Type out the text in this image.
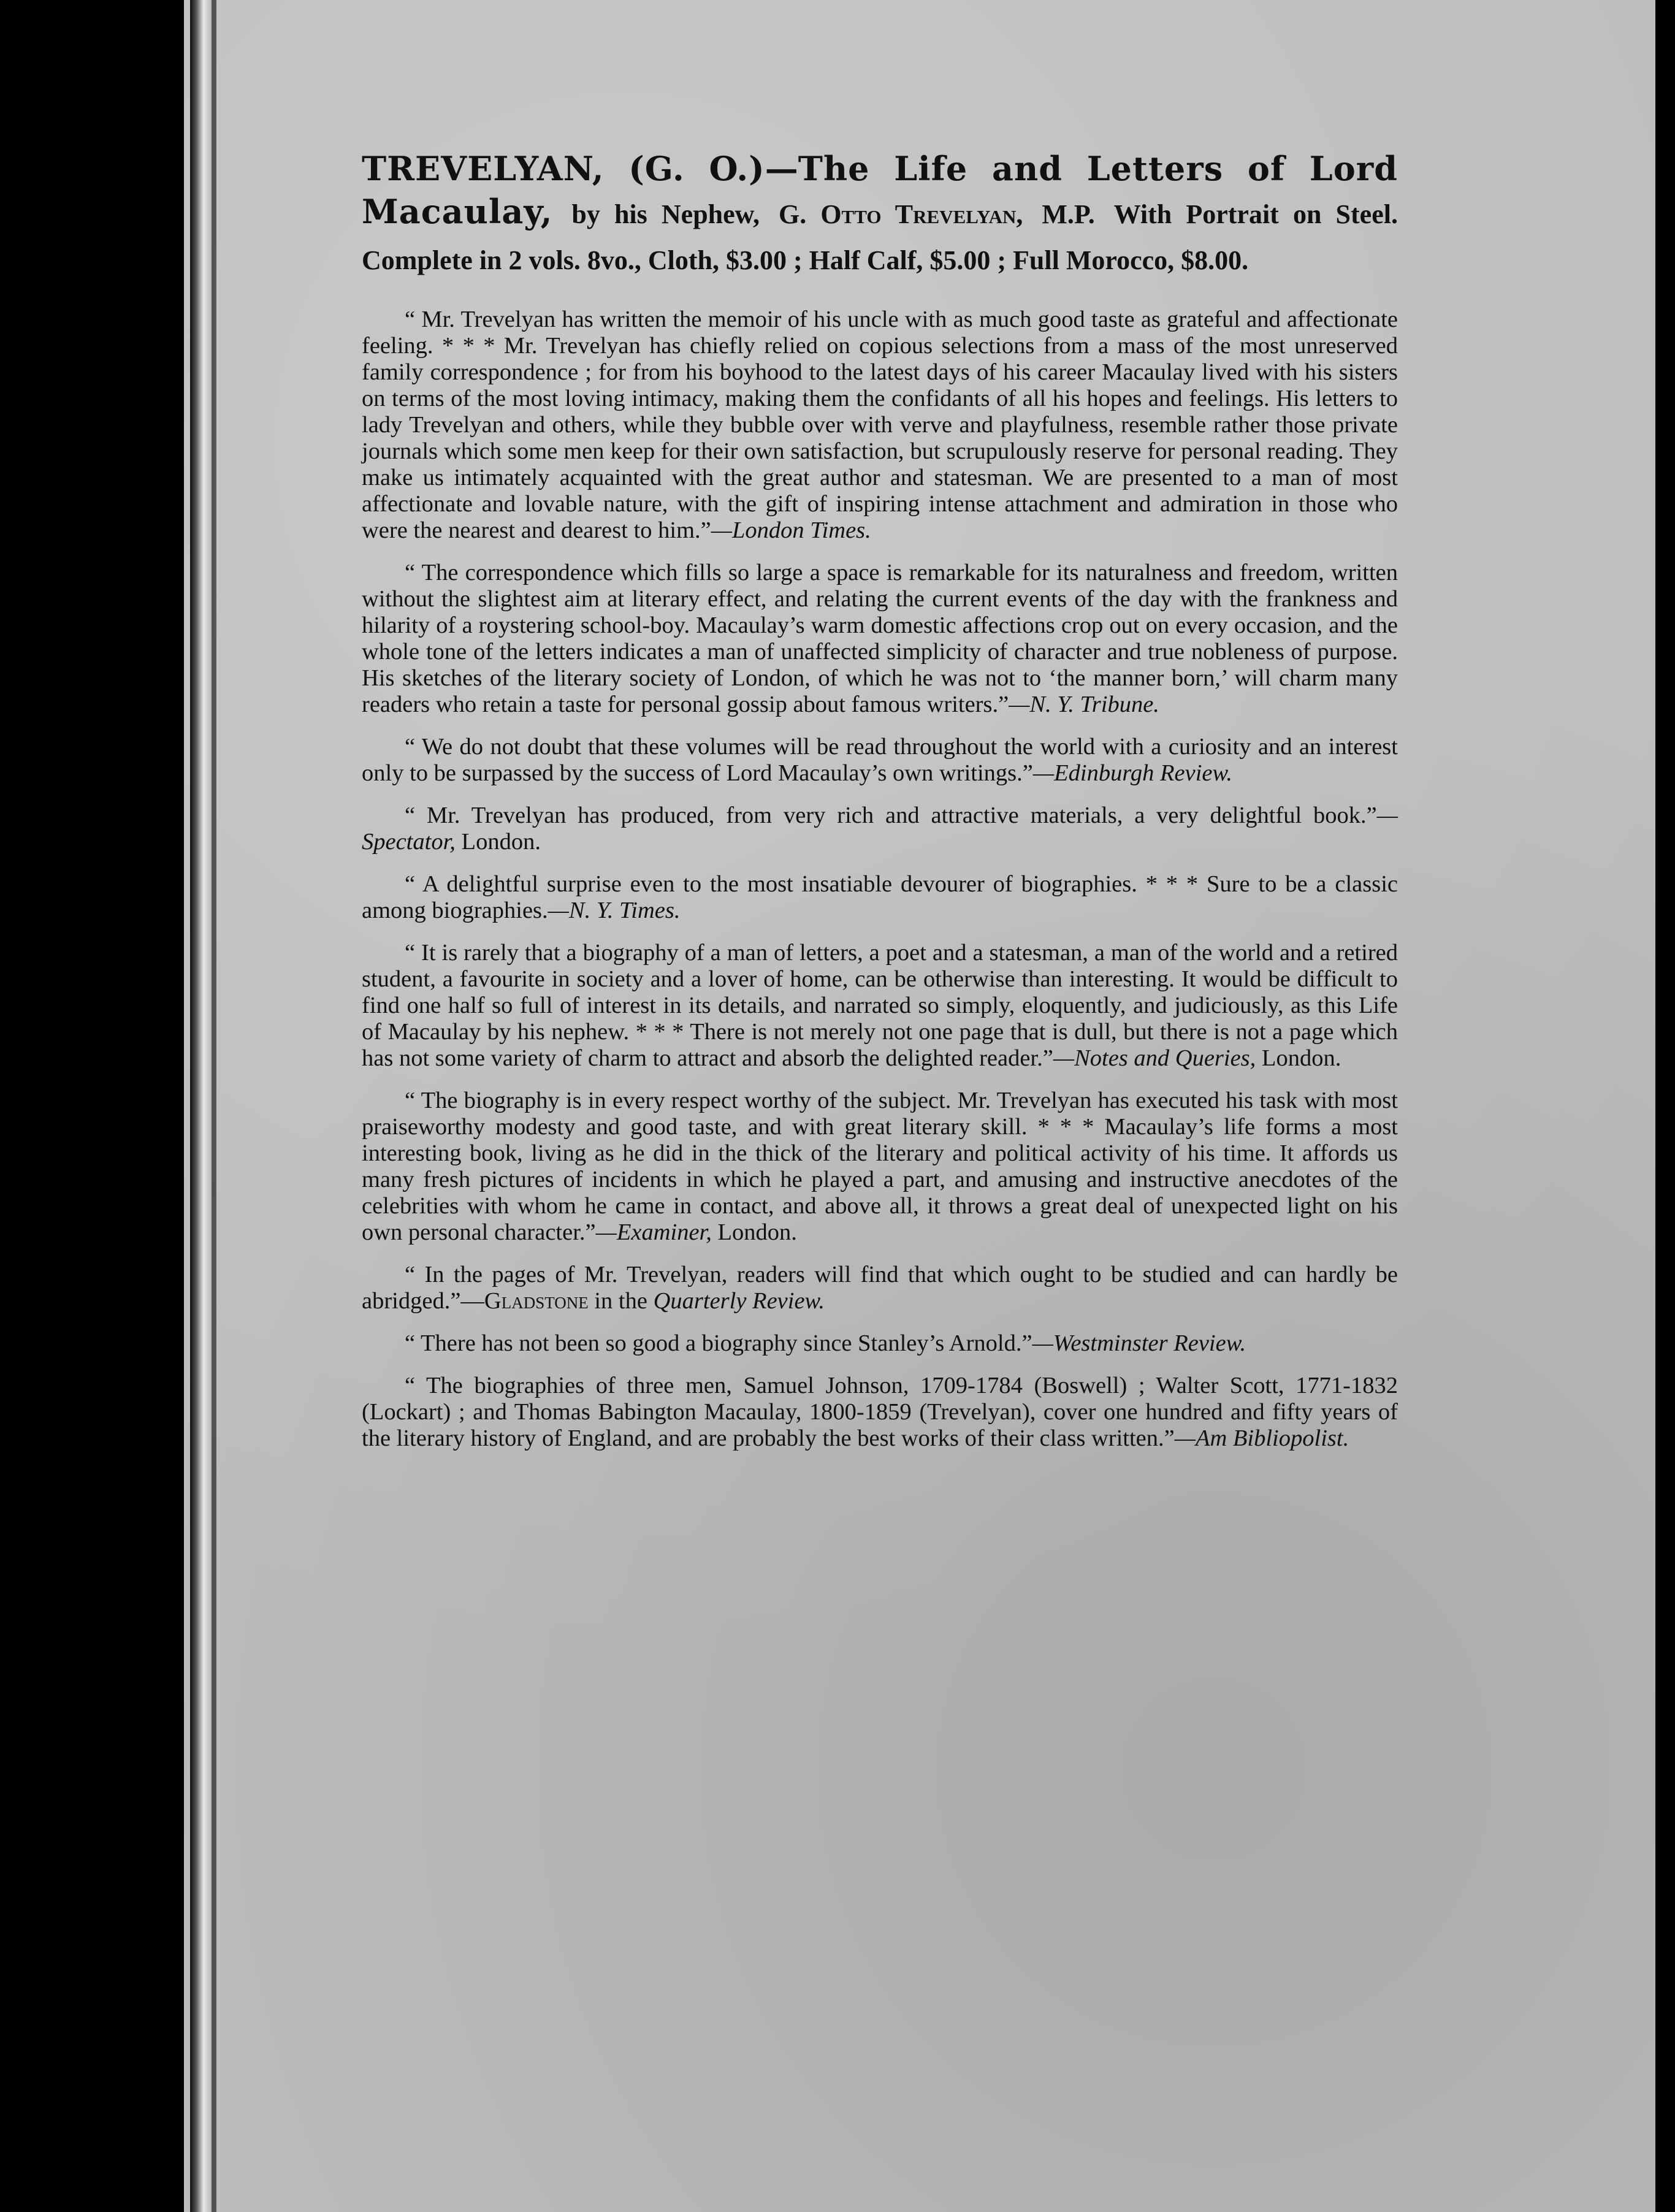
TREVELYAN, (G. O.)—The Life and Letters of Lord Macaulay, by his Nephew, G. Otto Trevelyan, M.P. With Portrait on Steel. Complete in 2 vols. 8vo., Cloth, $3.00 ; Half Calf, $5.00 ; Full Morocco, $8.00.

“ Mr. Trevelyan has written the memoir of his uncle with as much good taste as grateful and affectionate feeling. * * * Mr. Trevelyan has chiefly relied on copious selections from a mass of the most unreserved family correspondence ; for from his boyhood to the latest days of his career Macaulay lived with his sisters on terms of the most loving intimacy, making them the confidants of all his hopes and feelings. His letters to lady Trevelyan and others, while they bubble over with verve and playfulness, resemble rather those private journals which some men keep for their own satisfaction, but scrupulously reserve for personal reading. They make us intimately acquainted with the great author and statesman. We are presented to a man of most affectionate and lovable nature, with the gift of inspiring intense attachment and admiration in those who were the nearest and dearest to him.”—London Times.

“ The correspondence which fills so large a space is remarkable for its naturalness and freedom, written without the slightest aim at literary effect, and relating the current events of the day with the frankness and hilarity of a roystering school-boy. Macaulay’s warm domestic affections crop out on every occasion, and the whole tone of the letters indicates a man of unaffected simplicity of character and true nobleness of purpose. His sketches of the literary society of London, of which he was not to ‘the manner born,’ will charm many readers who retain a taste for personal gossip about famous writers.”—N. Y. Tribune.

“ We do not doubt that these volumes will be read throughout the world with a curiosity and an interest only to be surpassed by the success of Lord Macaulay’s own writings.”—Edinburgh Review.

“ Mr. Trevelyan has produced, from very rich and attractive materials, a very delightful book.”—Spectator, London.

“ A delightful surprise even to the most insatiable devourer of biographies. * * * Sure to be a classic among biographies.—N. Y. Times.

“ It is rarely that a biography of a man of letters, a poet and a statesman, a man of the world and a retired student, a favourite in society and a lover of home, can be otherwise than interesting. It would be difficult to find one half so full of interest in its details, and narrated so simply, eloquently, and judiciously, as this Life of Macaulay by his nephew. * * * There is not merely not one page that is dull, but there is not a page which has not some variety of charm to attract and absorb the delighted reader.”—Notes and Queries, London.

“ The biography is in every respect worthy of the subject. Mr. Trevelyan has executed his task with most praiseworthy modesty and good taste, and with great literary skill. * * * Macaulay’s life forms a most interesting book, living as he did in the thick of the literary and political activity of his time. It affords us many fresh pictures of incidents in which he played a part, and amusing and instructive anecdotes of the celebrities with whom he came in contact, and above all, it throws a great deal of unexpected light on his own personal character.”—Examiner, London.

“ In the pages of Mr. Trevelyan, readers will find that which ought to be studied and can hardly be abridged.”—Gladstone in the Quarterly Review.

“ There has not been so good a biography since Stanley’s Arnold.”—Westminster Review.

“ The biographies of three men, Samuel Johnson, 1709-1784 (Boswell) ; Walter Scott, 1771-1832 (Lockart) ; and Thomas Babington Macaulay, 1800-1859 (Trevelyan), cover one hundred and fifty years of the literary history of England, and are probably the best works of their class written.”—Am Bibliopolist.
